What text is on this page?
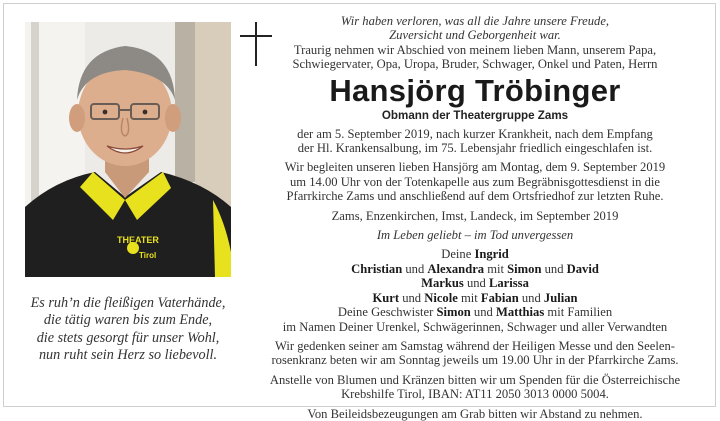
THEATER
Tirol
Es ruh’n die fleißigen Vaterhände,
die tätig waren bis zum Ende,
die stets gesorgt für unser Wohl,
nun ruht sein Herz so liebevoll.
Wir haben verloren, was all die Jahre unsere Freude,
Zuversicht und Geborgenheit war.
Traurig nehmen wir Abschied von meinem lieben Mann, unserem Papa,
Schwiegervater, Opa, Uropa, Bruder, Schwager, Onkel und Paten, Herrn
Hansjörg Tröbinger
Obmann der Theatergruppe Zams
der am 5. September 2019, nach kurzer Krankheit, nach dem Empfang
der Hl. Krankensalbung, im 75. Lebensjahr friedlich eingeschlafen ist.
Wir begleiten unseren lieben Hansjörg am Montag, dem 9. September 2019
um 14.00 Uhr von der Totenkapelle aus zum Begräbnisgottesdienst in die
Pfarrkirche Zams und anschließend auf dem Ortsfriedhof zur letzten Ruhe.
Zams, Enzenkirchen, Imst, Landeck, im September 2019
Im Leben geliebt – im Tod unvergessen
Deine Ingrid
Christian und Alexandra mit Simon und David
Markus und Larissa
Kurt und Nicole mit Fabian und Julian
Deine Geschwister Simon und Matthias mit Familien
im Namen Deiner Urenkel, Schwägerinnen, Schwager und aller Verwandten
Wir gedenken seiner am Samstag während der Heiligen Messe und den Seelen-
rosenkranz beten wir am Sonntag jeweils um 19.00 Uhr in der Pfarrkirche Zams.
Anstelle von Blumen und Kränzen bitten wir um Spenden für die Österreichische
Krebshilfe Tirol, IBAN: AT11 2050 3013 0000 5004.
Von Beileidsbezeugungen am Grab bitten wir Abstand zu nehmen.
